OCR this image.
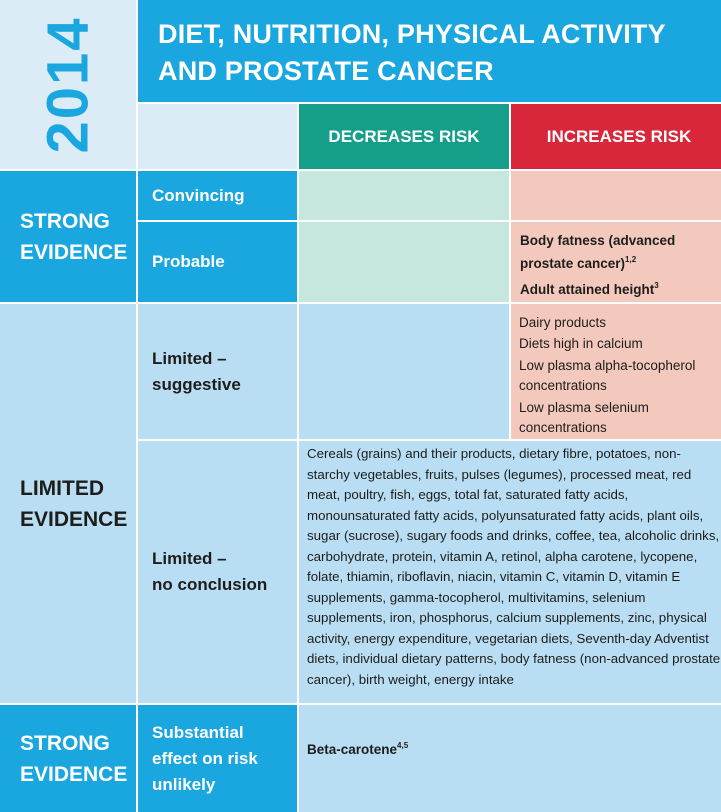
2014 DIET, NUTRITION, PHYSICAL ACTIVITY
AND PROSTATE CANCER
DECREASES RISK	INCREASES RISK
STRONG
EVIDENCE
Convincing
Probable

Body fatness (advanced prostate cancer)$^{1,2}$

Adult attained height$^3$

LIMITED
EVIDENCE
Limited –
suggestive

Dairy products

Diets high in calcium

Low plasma alpha-tocopherol concentrations

Low plasma selenium concentrations

Limited –
no conclusion
Cereals (grains) and their products, dietary fibre, potatoes, non-starchy vegetables, fruits, pulses (legumes), processed meat, red meat, poultry, fish, eggs, total fat, saturated fatty acids, monounsaturated fatty acids, polyunsaturated fatty acids, plant oils, sugar (sucrose), sugary foods and drinks, coffee, tea, alcoholic drinks, carbohydrate, protein, vitamin A, retinol, alpha carotene, lycopene, folate, thiamin, riboflavin, niacin, vitamin C, vitamin D, vitamin E supplements, gamma-tocopherol, multivitamins, selenium supplements, iron, phosphorus, calcium supplements, zinc, physical activity, energy expenditure, vegetarian diets, Seventh-day Adventist diets, individual dietary patterns, body fatness (non-advanced prostate cancer), birth weight, energy intake
STRONG
EVIDENCE
Substantial
effect on risk
unlikely
Beta-carotene$^{4,5}$
